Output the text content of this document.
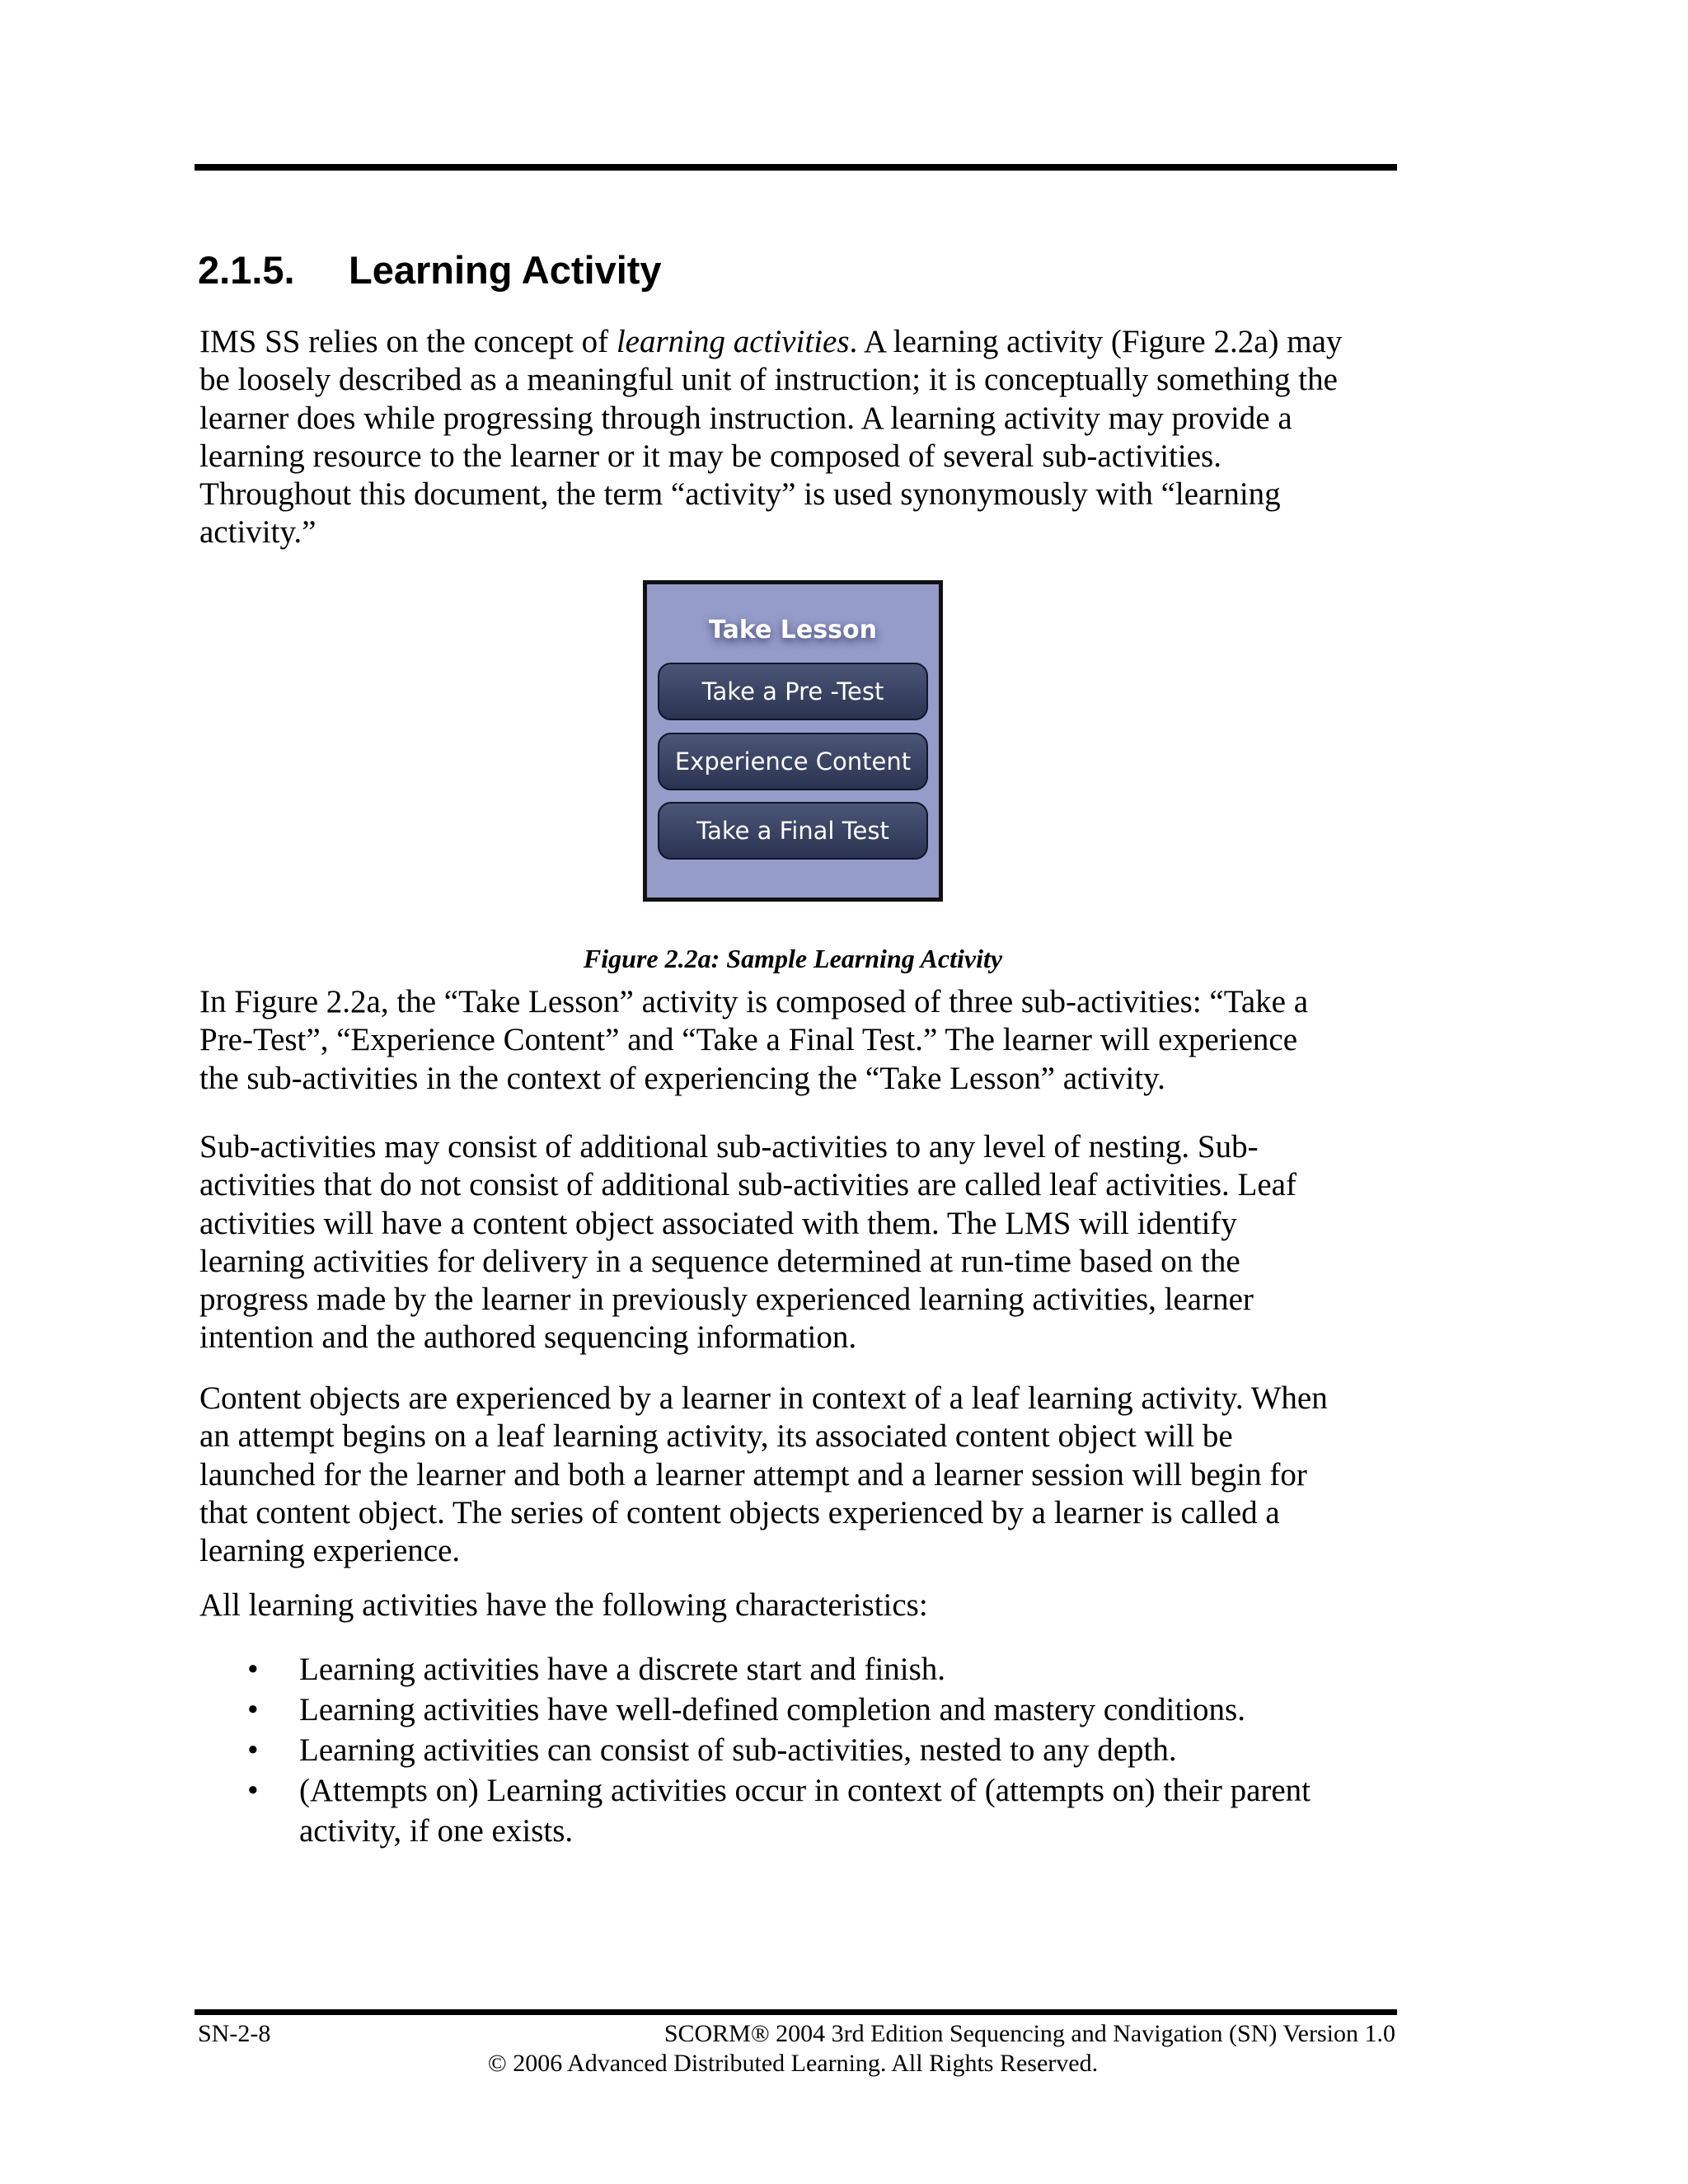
2.1.5. Learning Activity

IMS SS relies on the concept of learning activities. A learning activity (Figure 2.2a) may
be loosely described as a meaningful unit of instruction; it is conceptually something the
learner does while progressing through instruction. A learning activity may provide a
learning resource to the learner or it may be composed of several sub-activities.
Throughout this document, the term “activity” is used synonymously with “learning
activity.”

Take Lesson
Take a Pre -Test
Experience Content
Take a Final Test
Figure 2.2a: Sample Learning Activity

In Figure 2.2a, the “Take Lesson” activity is composed of three sub-activities: “Take a
Pre-Test”, “Experience Content” and “Take a Final Test.” The learner will experience
the sub-activities in the context of experiencing the “Take Lesson” activity.

Sub-activities may consist of additional sub-activities to any level of nesting. Sub-
activities that do not consist of additional sub-activities are called leaf activities. Leaf
activities will have a content object associated with them. The LMS will identify
learning activities for delivery in a sequence determined at run-time based on the
progress made by the learner in previously experienced learning activities, learner
intention and the authored sequencing information.

Content objects are experienced by a learner in context of a leaf learning activity. When
an attempt begins on a leaf learning activity, its associated content object will be
launched for the learner and both a learner attempt and a learner session will begin for
that content object. The series of content objects experienced by a learner is called a
learning experience.

All learning activities have the following characteristics:

• Learning activities have a discrete start and finish.
• Learning activities have well-defined completion and mastery conditions.
• Learning activities can consist of sub-activities, nested to any depth.
• (Attempts on) Learning activities occur in context of (attempts on) their parent
activity, if one exists.
SN-2-8	SCORM® 2004 3rd Edition Sequencing and Navigation (SN) Version 1.0
© 2006 Advanced Distributed Learning. All Rights Reserved.
